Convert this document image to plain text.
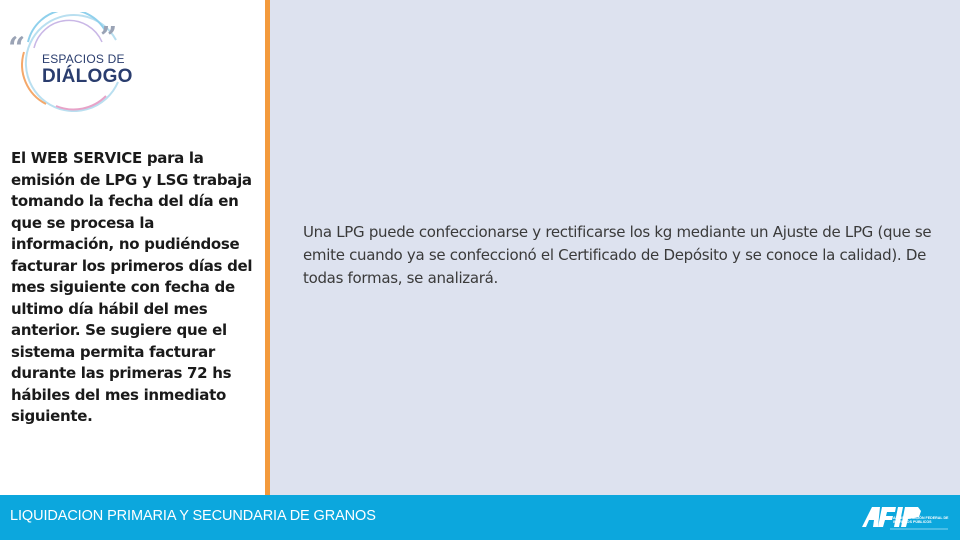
“ ”
ESPACIOS DE
DIÁLOGO
El WEB SERVICE para la emisión de LPG y LSG trabaja tomando la fecha del día en que se procesa la información, no pudiéndose facturar los primeros días del mes siguiente con fecha de ultimo día hábil del mes anterior. Se sugiere que el sistema permita facturar durante las primeras 72 hs hábiles del mes inmediato siguiente.
Una LPG puede confeccionarse y rectificarse los kg mediante un Ajuste de LPG (que se emite cuando ya se confeccionó el Certificado de Depósito y se conoce la calidad). De todas formas, se analizará.
LIQUIDACION PRIMARIA Y SECUNDARIA DE GRANOS	ADMINISTRACIÓN FEDERAL DE INGRESOS PÚBLICOS
